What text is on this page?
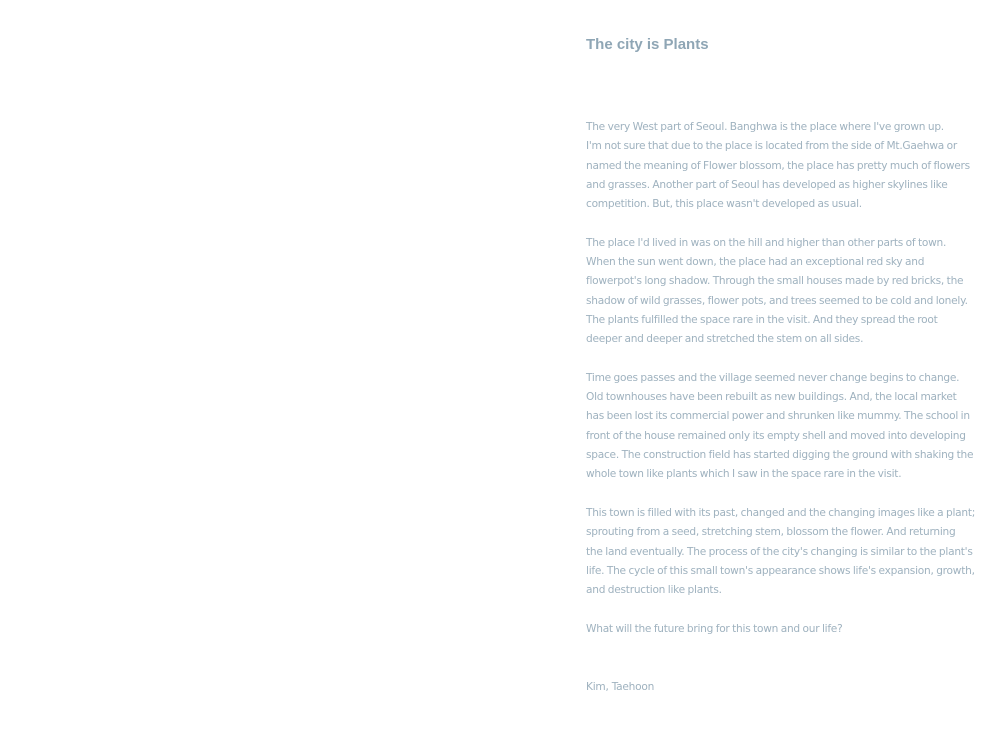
The city is Plants

The very West part of Seoul. Banghwa is the place where I've grown up.
I'm not sure that due to the place is located from the side of Mt.Gaehwa or
named the meaning of Flower blossom, the place has pretty much of flowers
and grasses. Another part of Seoul has developed as higher skylines like
competition. But, this place wasn't developed as usual.

The place I'd lived in was on the hill and higher than other parts of town.
When the sun went down, the place had an exceptional red sky and
flowerpot's long shadow. Through the small houses made by red bricks, the
shadow of wild grasses, flower pots, and trees seemed to be cold and lonely.
The plants fulfilled the space rare in the visit. And they spread the root
deeper and deeper and stretched the stem on all sides.

Time goes passes and the village seemed never change begins to change.
Old townhouses have been rebuilt as new buildings. And, the local market
has been lost its commercial power and shrunken like mummy. The school in
front of the house remained only its empty shell and moved into developing
space. The construction field has started digging the ground with shaking the
whole town like plants which I saw in the space rare in the visit.

This town is filled with its past, changed and the changing images like a plant;
sprouting from a seed, stretching stem, blossom the flower. And returning
the land eventually. The process of the city's changing is similar to the plant's
life. The cycle of this small town's appearance shows life's expansion, growth,
and destruction like plants.

What will the future bring for this town and our life?

Kim, Taehoon
